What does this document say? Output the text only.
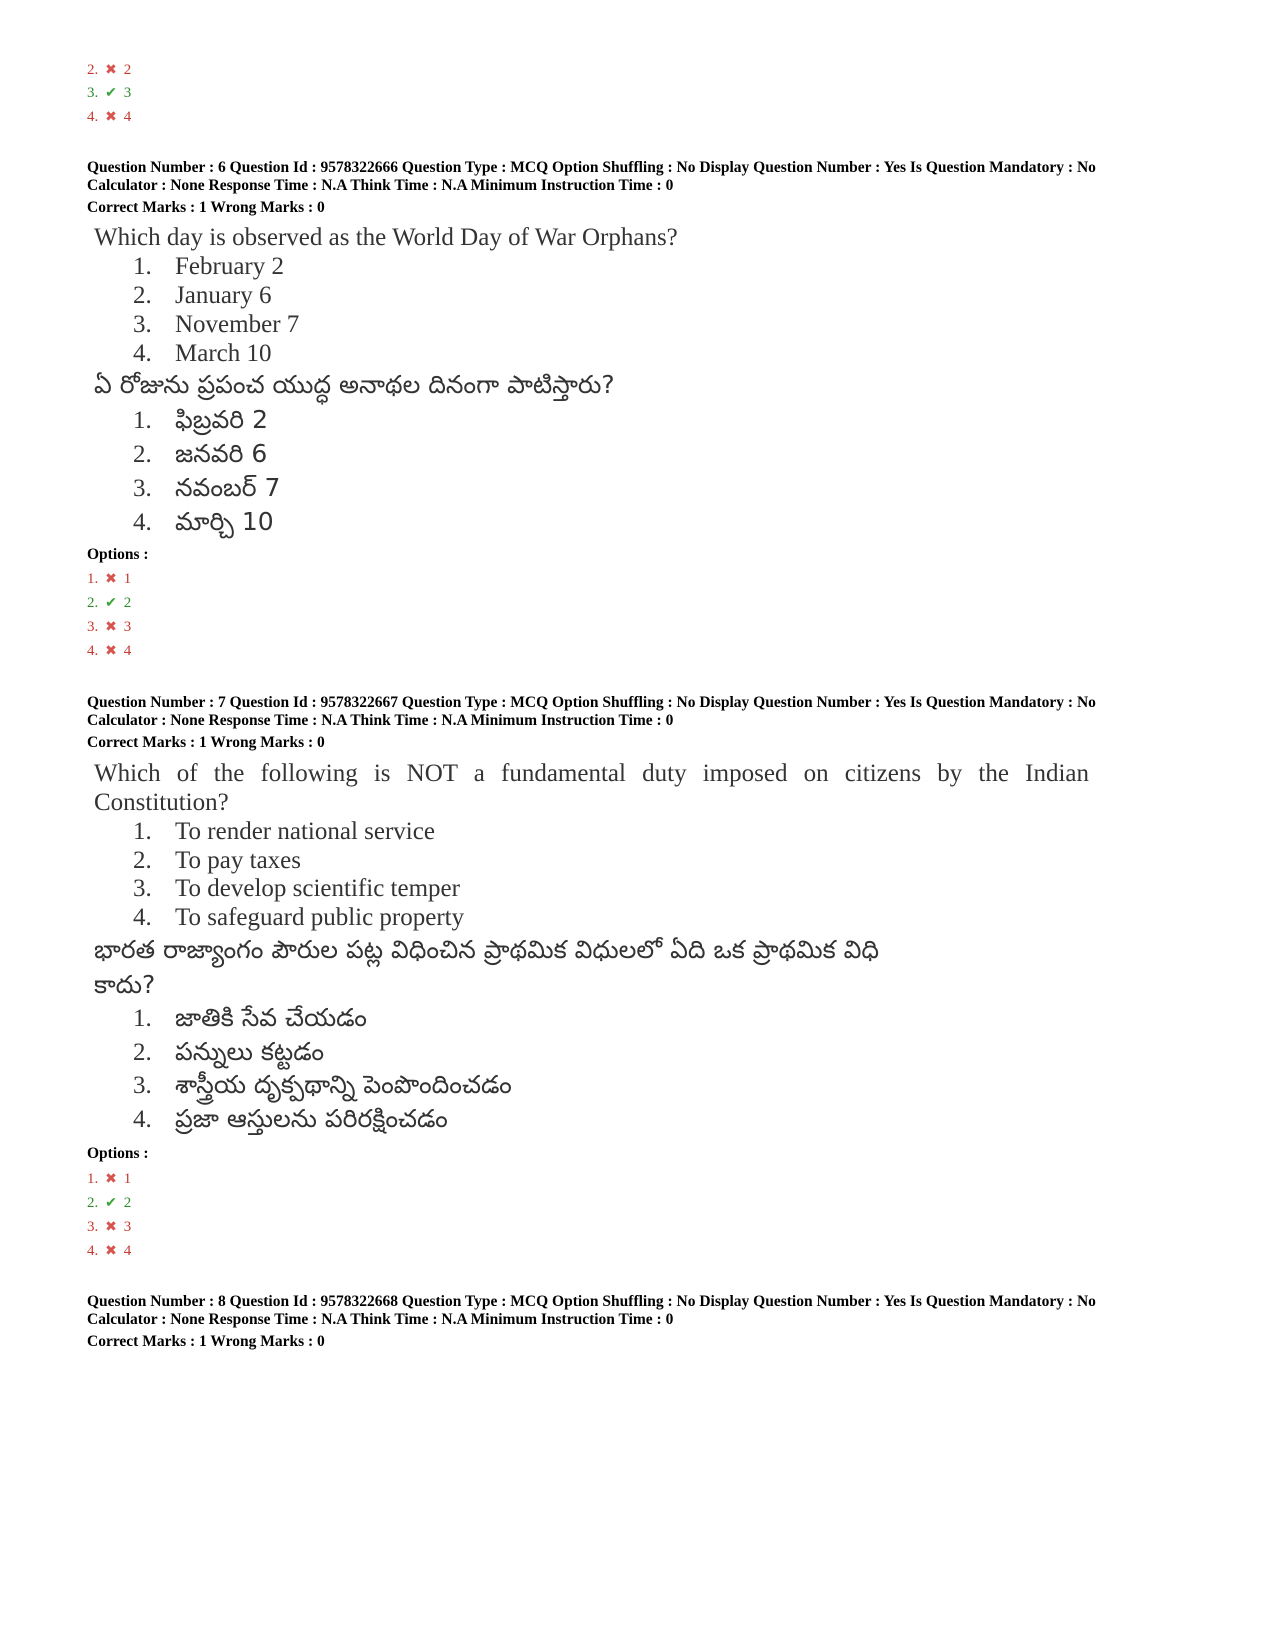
2. ✖ 2
3. ✔ 3
4. ✖ 4
Question Number : 6 Question Id : 9578322666 Question Type : MCQ Option Shuffling : No Display Question Number : Yes Is Question Mandatory : No
Calculator : None Response Time : N.A Think Time : N.A Minimum Instruction Time : 0
Correct Marks : 1 Wrong Marks : 0
Which day is observed as the World Day of War Orphans?
1. February 2
2. January 6
3. November 7
4. March 10
ఏ రోజును ప్రపంచ యుద్ధ అనాథల దినంగా పాటిస్తారు?
1. ఫిబ్రవరి 2
2. జనవరి 6
3. నవంబర్ 7
4. మార్చి 10
Options :
1. ✖ 1
2. ✔ 2
3. ✖ 3
4. ✖ 4
Question Number : 7 Question Id : 9578322667 Question Type : MCQ Option Shuffling : No Display Question Number : Yes Is Question Mandatory : No
Calculator : None Response Time : N.A Think Time : N.A Minimum Instruction Time : 0
Correct Marks : 1 Wrong Marks : 0
Which of the following is NOT a fundamental duty imposed on citizens by the Indian
Constitution?
1. To render national service
2. To pay taxes
3. To develop scientific temper
4. To safeguard public property
భారత రాజ్యాంగం పౌరుల పట్ల విధించిన ప్రాథమిక విధులలో ఏది ఒక ప్రాథమిక విధి
కాదు?
1. జాతికి సేవ చేయడం
2. పన్నులు కట్టడం
3. శాస్త్రీయ దృక్పథాన్ని పెంపొందించడం
4. ప్రజా ఆస్తులను పరిరక్షించడం
Options :
1. ✖ 1
2. ✔ 2
3. ✖ 3
4. ✖ 4
Question Number : 8 Question Id : 9578322668 Question Type : MCQ Option Shuffling : No Display Question Number : Yes Is Question Mandatory : No
Calculator : None Response Time : N.A Think Time : N.A Minimum Instruction Time : 0
Correct Marks : 1 Wrong Marks : 0
